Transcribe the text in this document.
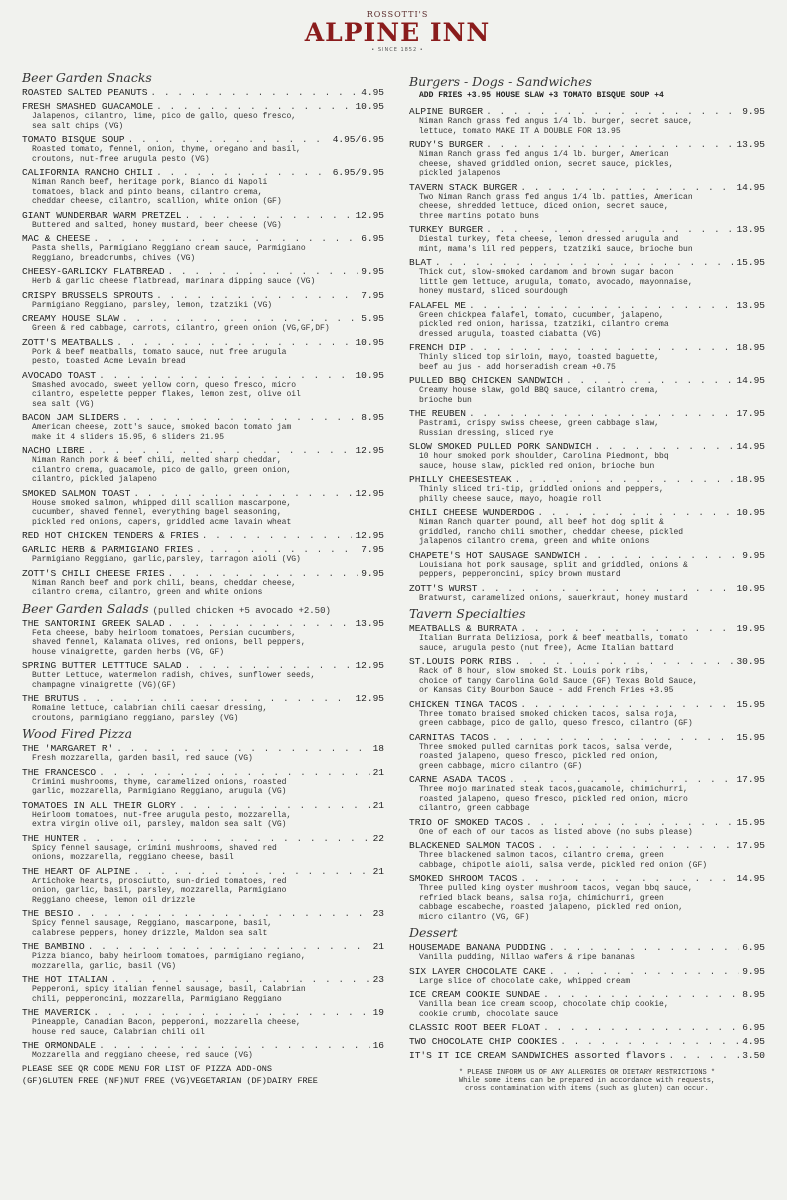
ROSSOTTI'S
ALPINE INN
• SINCE 1852 •
Beer Garden Snacks
ROASTED SALTED PEANUTS . . .	4.95
FRESH SMASHED GUACAMOLE . . .	10.95
Jalapenos, cilantro, lime, pico de gallo, queso fresco,
sea salt chips (VG)
TOMATO BISQUE SOUP . . .	4.95/6.95
Roasted tomato, fennel, onion, thyme, oregano and basil,
croutons, nut-free arugula pesto (VG)
CALIFORNIA RANCHO CHILI . . .	6.95/9.95
Niman Ranch beef, heritage pork, Bianco di Napoli
tomatoes, black and pinto beans, cilantro crema,
cheddar cheese, cilantro, scallion, white onion (GF)
GIANT WUNDERBAR WARM PRETZEL . . .	12.95
Buttered and salted, honey mustard, beer cheese (VG)
MAC & CHEESE . . .	6.95
Pasta shells, Parmigiano Reggiano cream sauce, Parmigiano
Reggiano, breadcrumbs, chives (VG)
CHEESY-GARLICKY FLATBREAD . . .	9.95
Herb & garlic cheese flatbread, marinara dipping sauce (VG)
CRISPY BRUSSELS SPROUTS . . .	7.95
Parmigiano Reggiano, parsley, lemon, tzatziki (VG)
CREAMY HOUSE SLAW . . .	5.95
Green & red cabbage, carrots, cilantro, green onion (VG,GF,DF)
ZOTT'S MEATBALLS . . .	10.95
Pork & beef meatballs, tomato sauce, nut free arugula
pesto, toasted Acme Levain bread
AVOCADO TOAST . . .	10.95
Smashed avocado, sweet yellow corn, queso fresco, micro
cilantro, espelette pepper flakes, lemon zest, olive oil
sea salt (VG)
BACON JAM SLIDERS . . .	8.95
American cheese, zott's sauce, smoked bacon tomato jam
make it 4 sliders 15.95, 6 sliders 21.95
NACHO LIBRE . . .	12.95
Niman Ranch pork & beef chili, melted sharp cheddar,
cilantro crema, guacamole, pico de gallo, green onion,
cilantro, pickled jalapeno
SMOKED SALMON TOAST . . .	12.95
House smoked salmon, whipped dill scallion mascarpone,
cucumber, shaved fennel, everything bagel seasoning,
pickled red onions, capers, griddled acme lavain wheat
RED HOT CHICKEN TENDERS & FRIES . . .	12.95
GARLIC HERB & PARMIGIANO FRIES . . .	7.95
Parmigiano Reggiano, garlic,parsley, tarragon aioli (VG)
ZOTT'S CHILI CHEESE FRIES . . .	9.95
Niman Ranch beef and pork chili, beans, cheddar cheese,
cilantro crema, cilantro, green and white onions
Beer Garden Salads (pulled chicken +5 avocado +2.50)
THE SANTORINI GREEK SALAD . . .	13.95
Feta cheese, baby heirloom tomatoes, Persian cucumbers,
shaved fennel, Kalamata olives, red onions, bell peppers,
house vinaigrette, garden herbs (VG, GF)
SPRING BUTTER LETTTUCE SALAD . . .	12.95
Butter Lettuce, watermelon radish, chives, sunflower seeds,
champagne vinaigrette (VG)(GF)
THE BRUTUS . . .	12.95
Romaine lettuce, calabrian chili caesar dressing,
croutons, parmigiano reggiano, parsley (VG)
Wood Fired Pizza
THE 'MARGARET R' . . .	18
Fresh mozzarella, garden basil, red sauce (VG)
THE FRANCESCO . . .	21
Crimini mushrooms, thyme, caramelized onions, roasted
garlic, mozzarella, Parmigiano Reggiano, arugula (VG)
TOMATOES IN ALL THEIR GLORY . . .	21
Heirloom tomatoes, nut-free arugula pesto, mozzarella,
extra virgin olive oil, parsley, maldon sea salt (VG)
THE HUNTER . . .	22
Spicy fennel sausage, crimini mushrooms, shaved red
onions, mozzarella, reggiano cheese, basil
THE HEART OF ALPINE . . .	21
Artichoke hearts, prosciutto, sun-dried tomatoes, red
onion, garlic, basil, parsley, mozzarella, Parmigiano
Reggiano cheese, lemon oil drizzle
THE BESIO . . .	23
Spicy fennel sausage, Reggiano, mascarpone, basil,
calabrese peppers, honey drizzle, Maldon sea salt
THE BAMBINO . . .	21
Pizza bianco, baby heirloom tomatoes, parmigiano regiano,
mozzarella, garlic, basil (VG)
THE HOT ITALIAN . . .	23
Pepperoni, spicy italian fennel sausage, basil, Calabrian
chili, pepperoncini, mozzarella, Parmigiano Reggiano
THE MAVERICK . . .	19
Pineapple, Canadian Bacon, pepperoni, mozzarella cheese,
house red sauce, Calabrian chili oil
THE ORMONDALE . . .	16
Mozzarella and reggiano cheese, red sauce (VG)
PLEASE SEE QR CODE MENU FOR LIST OF PIZZA ADD-ONS
(GF)GLUTEN FREE (NF)NUT FREE (VG)VEGETARIAN (DF)DAIRY FREE
Burgers - Dogs - Sandwiches
ADD FRIES +3.95 HOUSE SLAW +3 TOMATO BISQUE SOUP +4
ALPINE BURGER . . .	9.95
Niman Ranch grass fed angus 1/4 lb. burger, secret sauce,
lettuce, tomato MAKE IT A DOUBLE FOR 13.95
RUDY'S BURGER . . .	13.95
Niman Ranch grass fed angus 1/4 lb. burger, American
cheese, shaved griddled onion, secret sauce, pickles,
pickled jalapenos
TAVERN STACK BURGER . . .	14.95
Two Niman Ranch grass fed angus 1/4 lb. patties, American
cheese, shredded lettuce, diced onion, secret sauce,
three martins potato buns
TURKEY BURGER . . .	13.95
Diestal turkey, feta cheese, lemon dressed arugula and
mint, mama's lil red peppers, tzatziki sauce, brioche bun
BLAT . . .	15.95
Thick cut, slow-smoked cardamom and brown sugar bacon
little gem lettuce, arugula, tomato, avocado, mayonnaise,
honey mustard, sliced sourdough
FALAFEL ME . . .	13.95
Green chickpea falafel, tomato, cucumber, jalapeno,
pickled red onion, harissa, tzatziki, cilantro crema
dressed arugula, toasted ciabatta (VG)
FRENCH DIP . . .	18.95
Thinly sliced top sirloin, mayo, toasted baguette,
beef au jus - add horseradish cream +0.75
PULLED BBQ CHICKEN SANDWICH . . .	14.95
Creamy house slaw, gold BBQ sauce, cilantro crema,
brioche bun
THE REUBEN . . .	17.95
Pastrami, crispy swiss cheese, green cabbage slaw,
Russian dressing, sliced rye
SLOW SMOKED PULLED PORK SANDWICH . . .	14.95
10 hour smoked pork shoulder, Carolina Piedmont, bbq
sauce, house slaw, pickled red onion, brioche bun
PHILLY CHEESESTEAK . . .	18.95
Thinly sliced tri-tip, griddled onions and peppers,
philly cheese sauce, mayo, hoagie roll
CHILI CHEESE WUNDERDOG . . .	10.95
Niman Ranch quarter pound, all beef hot dog split &
griddled, rancho chili smother, cheddar cheese, pickled
jalapenos cilantro crema, green and white onions
CHAPETE'S HOT SAUSAGE SANDWICH . . .	9.95
Louisiana hot pork sausage, split and griddled, onions &
peppers, pepperoncini, spicy brown mustard
ZOTT'S WURST . . .	10.95
Bratwurst, caramelized onions, sauerkraut, honey mustard
Tavern Specialties
MEATBALLS & BURRATA . . .	19.95
Italian Burrata Deliziosa, pork & beef meatballs, tomato
sauce, arugula pesto (nut free), Acme Italian battard
ST.LOUIS PORK RIBS . . .	30.95
Rack of 8 hour, slow smoked St. Louis pork ribs,
choice of tangy Carolina Gold Sauce (GF) Texas Bold Sauce,
or Kansas City Bourbon Sauce - add French Fries +3.95
CHICKEN TINGA TACOS . . .	15.95
Three tomato braised smoked chicken tacos, salsa roja,
green cabbage, pico de gallo, queso fresco, cilantro (GF)
CARNITAS TACOS . . .	15.95
Three smoked pulled carnitas pork tacos, salsa verde,
roasted jalapeno, queso fresco, pickled red onion,
green cabbage, micro cilantro (GF)
CARNE ASADA TACOS . . .	17.95
Three mojo marinated steak tacos,guacamole, chimichurri,
roasted jalapeno, queso fresco, pickled red onion, micro
cilantro, green cabbage
TRIO OF SMOKED TACOS . . .	15.95
One of each of our tacos as listed above (no subs please)
BLACKENED SALMON TACOS . . .	17.95
Three blackened salmon tacos, cilantro crema, green
cabbage, chipotle aioli, salsa verde, pickled red onion (GF)
SMOKED SHROOM TACOS . . .	14.95
Three pulled king oyster mushroom tacos, vegan bbq sauce,
refried black beans, salsa roja, chimichurri, green
cabbage escabeche, roasted jalapeno, pickled red onion,
micro cilantro (VG, GF)
Dessert
HOUSEMADE BANANA PUDDING . . .	6.95
Vanilla pudding, Nillao wafers & ripe bananas
SIX LAYER CHOCOLATE CAKE . . .	9.95
Large slice of chocolate cake, whipped cream
ICE CREAM COOKIE SUNDAE . . .	8.95
Vanilla bean ice cream scoop, chocolate chip cookie,
cookie crumb, chocolate sauce
CLASSIC ROOT BEER FLOAT . . .	6.95
TWO CHOCOLATE CHIP COOKIES . . .	4.95
IT'S IT ICE CREAM SANDWICHES assorted flavors . . .	3.50
* PLEASE INFORM US OF ANY ALLERGIES OR DIETARY RESTRICTIONS *
While some items can be prepared in accordance with requests,
cross contamination with items (such as gluten) can occur.
